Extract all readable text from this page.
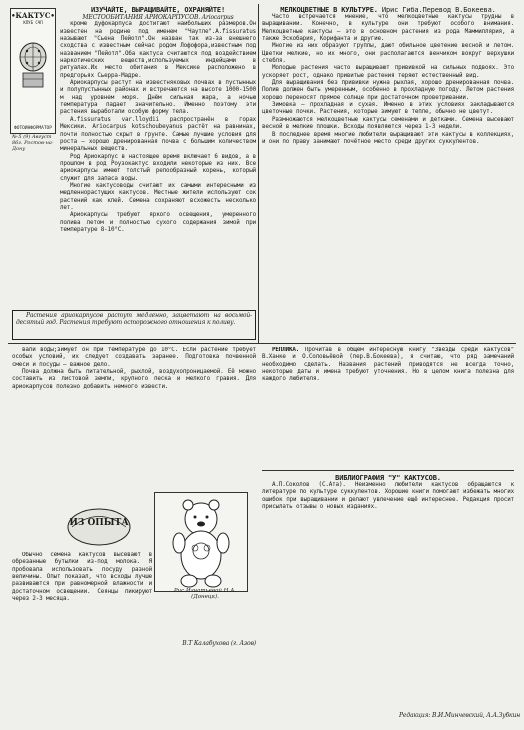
•КАКТУС•
КЛУБ СЧП
ФОТОИНФОРМАТОР
№-5 (9) Август 86г. Ростов-на-Дону
ИЗУЧАЙТЕ, ВЫРАЩИВАЙТЕ, ОХРАНЯЙТЕ!
МЕСТООБИТАНИЯ АРИОКАРПУСОВ. Ariocarpus

кроме дуфокарпуса достигают наибольших размеров.Он известен на родине под именем "Чаутле".A.fissuratus называют "Сьена Пейотл".Он назван так из-за внешнего сходства с известным сейчас родом Лофофора,известным под названием "Пейотл".Оба кактуса считаются под воздействием наркотических веществ,используемых индейцами в ритуалах.Их место обитания в Мексике расположено в предгорьях Сьерра-Мадре.

Ариокарпусы растут на известняковых почвах в пустынных и полупустынных районах и встречаются на высоте 1000-1500 м над уровнем моря. Днём сильная жара, а ночью температура падает значительно. Именно поэтому эти растения выработали особую форму тела.

A.fissuratus var.lloydii распространён в горах Мексики. Ariocarpus kotschoubeyanus растёт на равнинах, почти полностью скрыт в грунте. Самые лучшие условия для роста — хорошо дренированная почва с большим количеством минеральных веществ.

Род Ариокарпус в настоящее время включает 6 видов, а в прошлом в род Роузокактус входили некоторые из них. Все ариокарпусы имеют толстый репообразный корень, который служит для запаса воды.

Многие кактусоводы считают их самыми интересными из медленнорастущих кактусов. Местные жители используют сок растений как клей. Семена сохраняют всхожесть несколько лет.

Ариокарпусы требуют яркого освещения, умеренного полива летом и полностью сухого содержания зимой при температуре 8-10°С.

Растения ариокарпусов растут медленно, зацветают на восьмой-десятый год. Растения требуют осторожного отношения к поливу.

МЕЛКОЦВЕТНЫЕ В КУЛЬТУРЕ. Ирис Гиба.Перевод В.Бокеева.

Часто встречается мнение, что мелкоцветные кактусы трудны в выращивании. Конечно, в культуре они требуют особого внимания. Мелкоцветные кактусы — это в основном растения из рода Маммиллярия, а также Эскобария, Корифанта и другие.

Многие из них образуют группы, дают обильное цветение весной и летом. Цветки мелкие, но их много, они располагаются венчиком вокруг верхушки стебля.

Молодые растения часто выращивают прививкой на сильных подвоях. Это ускоряет рост, однако привитые растения теряют естественный вид.

Для выращивания без прививки нужна рыхлая, хорошо дренированная почва. Полив должен быть умеренным, особенно в прохладную погоду. Летом растения хорошо переносят прямое солнце при достаточном проветривании.

Зимовка — прохладная и сухая. Именно в этих условиях закладываются цветочные почки. Растения, которые зимуют в тепле, обычно не цветут.

Размножаются мелкоцветные кактусы семенами и детками. Семена высевают весной в мелкие плошки. Всходы появляются через 1-3 недели.

В последнее время многие любители выращивают эти кактусы в коллекциях, и они по праву занимают почётное место среди других суккулентов.

вали воды;зимует он при температуре до 10°С. Если растение требует особых условий, их следует создавать заранее. Подготовка почвенной смеси и посуды — важное дело.

Почва должна быть питательной, рыхлой, воздухопроницаемой. Её можно составить из листовой земли, крупного песка и мелкого гравия. Для ариокарпусов полезно добавить немного извести.

ИЗ ОПЫТА
Рис.Игнатьевой Н.А. (Донецк).

Обычно семена кактусов высевают в обрезанные бутылки из-под молока. Я пробовала использовать посуду разной величины. Опыт показал, что всходы лучше развиваются при равномерной влажности и достаточном освещении. Сеянцы пикируют через 2-3 месяца.

В.Т Калабухова (г. Азов)

РЕПЛИКА. Прочитав в общем интересную книгу "Звезды среди кактусов" В.Ханке и О.Соловьёвой (пер.В.Бокеева), я считаю, что ряд замечаний необходимо сделать. Названия растений приводятся не всегда точно, некоторые даты и имена требуют уточнения. Но в целом книга полезна для каждого любителя.

ВИБЛИОГРАФИЯ "У" КАКТУСОВ.

А.П.Соколов (С.Ата). Неизменно любители кактусов обращаются к литературе по культуре суккулентов. Хорошие книги помогают избежать многих ошибок при выращивании и делают увлечение ещё интереснее. Редакция просит присылать отзывы о новых изданиях.

Редакция: В.И.Минчевский, А.А.Зубкин
